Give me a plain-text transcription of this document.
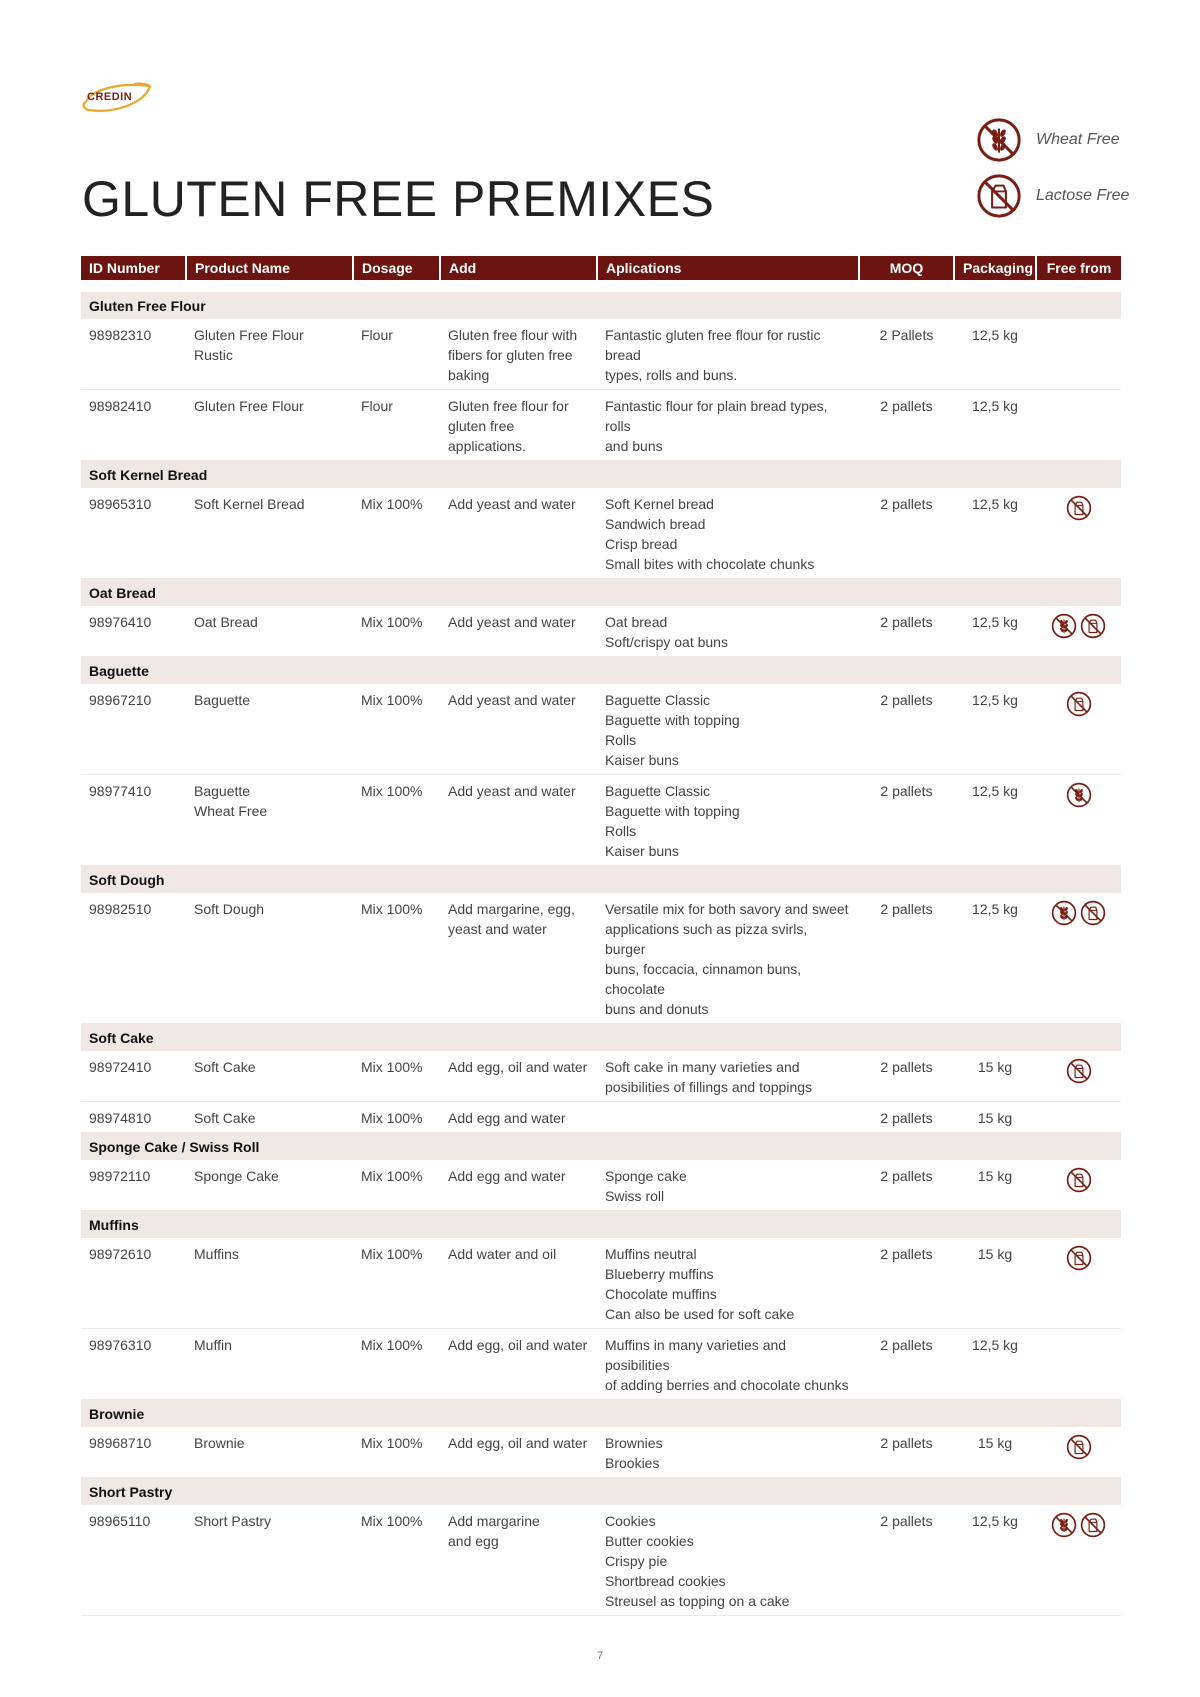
CREDIN
GLUTEN FREE PREMIXES
Wheat Free
Lactose Free
ID Number	Product Name	Dosage	Add	Aplications	MOQ	Packaging	Free from

Gluten Free Flour							
98982310	Gluten Free Flour Rustic	Flour	Gluten free flour with
fibers for gluten free
baking	Fantastic gluten free flour for rustic bread
types, rolls and buns.	2 Pallets	12,5 kg	

98982410	Gluten Free Flour	Flour	Gluten free flour for
gluten free applications.	Fantastic flour for plain bread types, rolls
and buns	2 pallets	12,5 kg	

Soft Kernel Bread							
98965310	Soft Kernel Bread	Mix 100%	Add yeast and water	Soft Kernel bread
Sandwich bread
Crisp bread
Small bites with chocolate chunks	2 pallets	12,5 kg	

Oat Bread							
98976410	Oat Bread	Mix 100%	Add yeast and water	Oat bread
Soft/crispy oat buns	2 pallets	12,5 kg	

Baguette							
98967210	Baguette	Mix 100%	Add yeast and water	Baguette Classic
Baguette with topping
Rolls
Kaiser buns	2 pallets	12,5 kg	

98977410	Baguette
Wheat Free	Mix 100%	Add yeast and water	Baguette Classic
Baguette with topping
Rolls
Kaiser buns	2 pallets	12,5 kg	

Soft Dough							
98982510	Soft Dough	Mix 100%	Add margarine, egg,
yeast and water	Versatile mix for both savory and sweet
applications such as pizza svirls, burger
buns, foccacia, cinnamon buns, chocolate
buns and donuts	2 pallets	12,5 kg	

Soft Cake							
98972410	Soft Cake	Mix 100%	Add egg, oil and water	Soft cake in many varieties and
posibilities of fillings and toppings	2 pallets	15 kg	

98974810	Soft Cake	Mix 100%	Add egg and water		2 pallets	15 kg	

Sponge Cake / Swiss Roll							
98972110	Sponge Cake	Mix 100%	Add egg and water	Sponge cake
Swiss roll	2 pallets	15 kg	

Muffins							
98972610	Muffins	Mix 100%	Add water and oil	Muffins neutral
Blueberry muffins
Chocolate muffins
Can also be used for soft cake	2 pallets	15 kg	

98976310	Muffin	Mix 100%	Add egg, oil and water	Muffins in many varieties and posibilities
of adding berries and chocolate chunks	2 pallets	12,5 kg	

Brownie							
98968710	Brownie	Mix 100%	Add egg, oil and water	Brownies
Brookies	2 pallets	15 kg	

Short Pastry							
98965110	Short Pastry	Mix 100%	Add margarine
and egg	Cookies
Butter cookies
Crispy pie
Shortbread cookies
Streusel as topping on a cake	2 pallets	12,5 kg	
7
